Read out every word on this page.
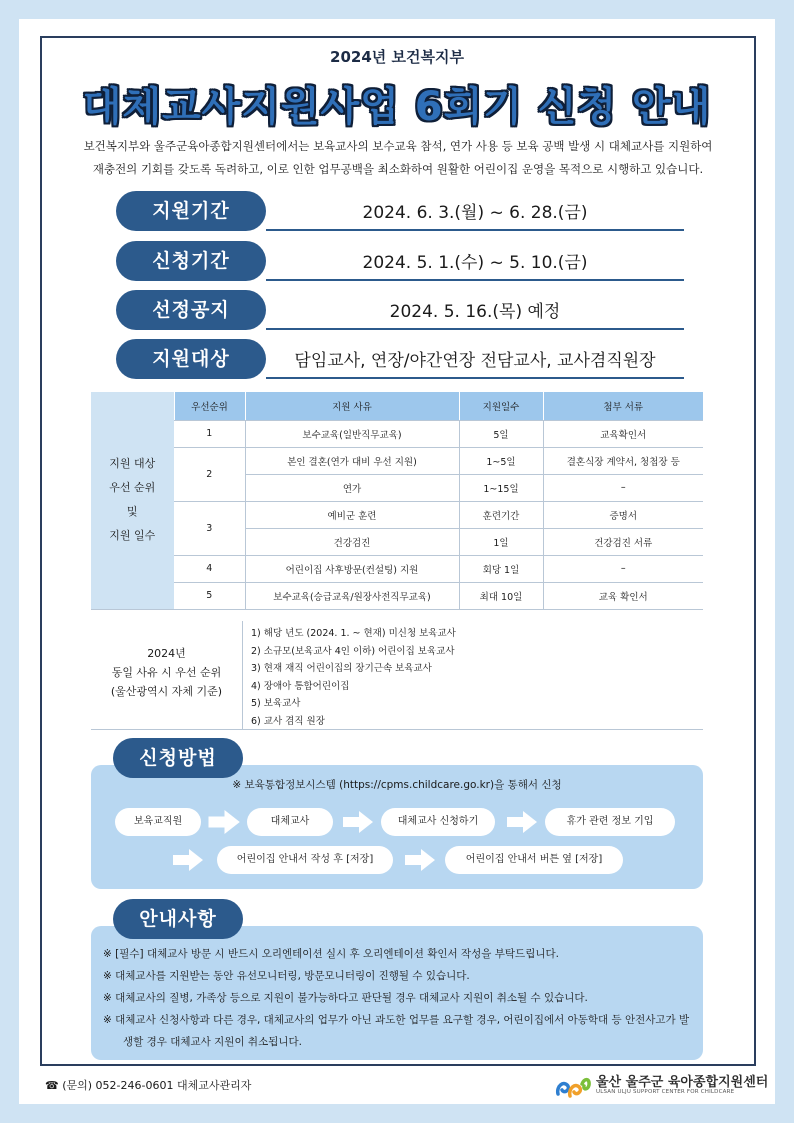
2024년 보건복지부
대체교사지원사업 6회기 신청 안내
보건복지부와 울주군육아종합지원센터에서는 보육교사의 보수교육 참석, 연가 사용 등 보육 공백 발생 시 대체교사를 지원하여
재충전의 기회를 갖도록 독려하고, 이로 인한 업무공백을 최소화하여 원활한 어린이집 운영을 목적으로 시행하고 있습니다.
지원기간	2024. 6. 3.(월) ~ 6. 28.(금)
신청기간	2024. 5. 1.(수) ~ 5. 10.(금)
선정공지	2024. 5. 16.(목) 예정
지원대상	담임교사, 연장/야간연장 전담교사, 교사겸직원장
지원 대상
우선 순위
및
지원 일수	우선순위	지원 사유	지원일수	첨부 서류
	1	보수교육(일반직무교육)	5일	교육확인서
	2	본인 결혼(연가 대비 우선 지원)	1~5일	결혼식장 계약서, 청첩장 등
		연가	1~15일	–
	3	예비군 훈련	훈련기간	증명서
		건강검진	1일	건강검진 서류
	4	어린이집 사후방문(컨설팅) 지원	회당 1일	–
	5	보수교육(승급교육/원장사전직무교육)	최대 10일	교육 확인서
2024년
동일 사유 시 우선 순위
(울산광역시 자체 기준)
1) 해당 년도 (2024. 1. ~ 현재) 미신청 보육교사
2) 소규모(보육교사 4인 이하) 어린이집 보육교사
3) 현재 재직 어린이집의 장기근속 보육교사
4) 장애아 통합어린이집
5) 보육교사
6) 교사 겸직 원장
※ 보육통합정보시스템 (https://cpms.childcare.go.kr)을 통해서 신청
보육교직원	대체교사	대체교사 신청하기	휴가 관련 정보 기입
어린이집 안내서 작성 후 [저장]	어린이집 안내서 버튼 옆 [저장]
신청방법
※ [필수] 대체교사 방문 시 반드시 오리엔테이션 실시 후 오리엔테이션 확인서 작성을 부탁드립니다.
※ 대체교사를 지원받는 동안 유선모니터링, 방문모니터링이 진행될 수 있습니다.
※ 대체교사의 질병, 가족상 등으로 지원이 불가능하다고 판단될 경우 대체교사 지원이 취소될 수 있습니다.
※ 대체교사 신청사항과 다른 경우, 대체교사의 업무가 아닌 과도한 업무를 요구할 경우, 어린이집에서 아동학대 등 안전사고가 발생할 경우 대체교사 지원이 취소됩니다.
안내사항
☎ (문의) 052-246-0601 대체교사관리자	울산 울주군 육아종합지원센터
ULSAN ULJU SUPPORT CENTER FOR CHILDCARE
